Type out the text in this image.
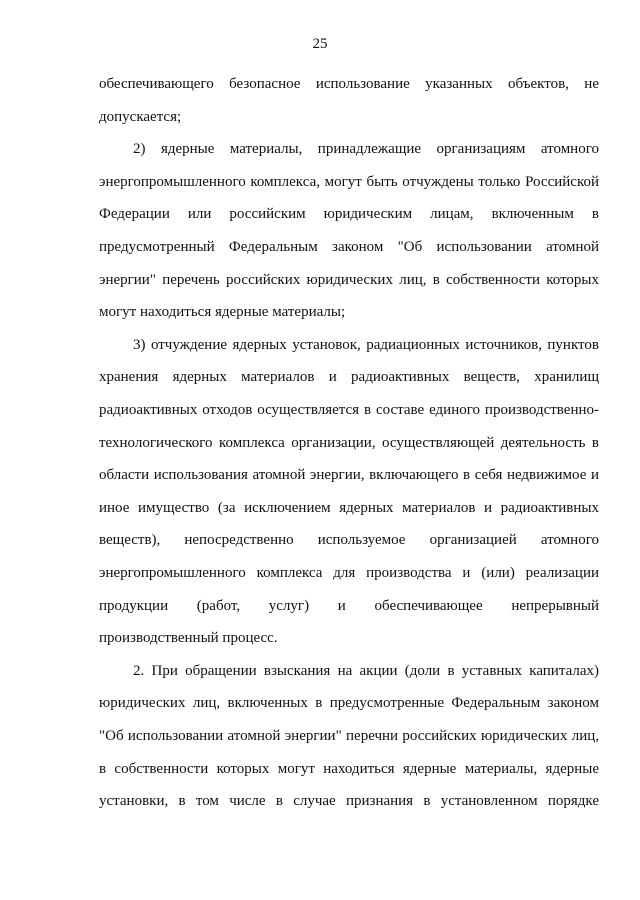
25
обеспечивающего безопасное использование указанных объектов, не
допускается;
2) ядерные материалы, принадлежащие организациям атомного
энергопромышленного комплекса, могут быть отчуждены только Российской
Федерации или российским юридическим лицам, включенным в
предусмотренный Федеральным законом "Об использовании атомной
энергии" перечень российских юридических лиц, в собственности которых
могут находиться ядерные материалы;
3) отчуждение ядерных установок, радиационных источников, пунктов
хранения ядерных материалов и радиоактивных веществ, хранилищ
радиоактивных отходов осуществляется в составе единого производственно-
технологического комплекса организации, осуществляющей деятельность в
области использования атомной энергии, включающего в себя недвижимое и
иное имущество (за исключением ядерных материалов и радиоактивных
веществ), непосредственно используемое организацией атомного
энергопромышленного комплекса для производства и (или) реализации
продукции (работ, услуг) и обеспечивающее непрерывный
производственный процесс.
2. При обращении взыскания на акции (доли в уставных капиталах)
юридических лиц, включенных в предусмотренные Федеральным законом
"Об использовании атомной энергии" перечни российских юридических лиц,
в собственности которых могут находиться ядерные материалы, ядерные
установки, в том числе в случае признания в установленном порядке
